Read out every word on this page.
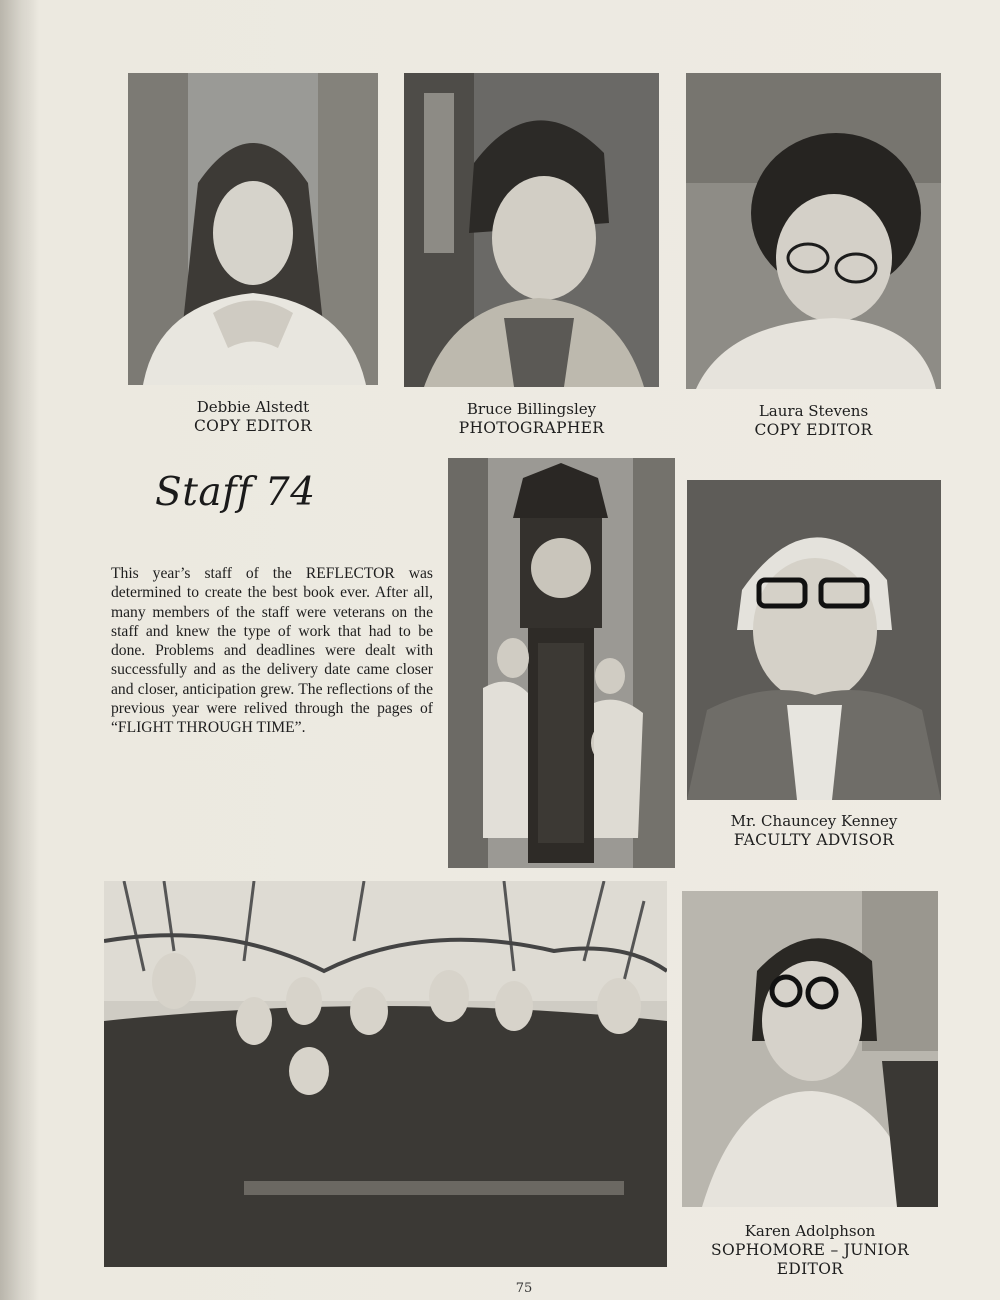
Debbie Alstedt
COPY EDITOR
Bruce Billingsley
PHOTOGRAPHER
Laura Stevens
COPY EDITOR
Staff 74
This year’s staff of the REFLECTOR was determined to create the best book ever. After all, many members of the staff were veterans on the staff and knew the type of work that had to be done. Problems and deadlines were dealt with successfully and as the delivery date came closer and closer, anticipation grew. The reflections of the previous year were relived through the pages of “FLIGHT THROUGH TIME”.
Mr. Chauncey Kenney
FACULTY ADVISOR
Karen Adolphson
SOPHOMORE – JUNIOR
EDITOR
75
